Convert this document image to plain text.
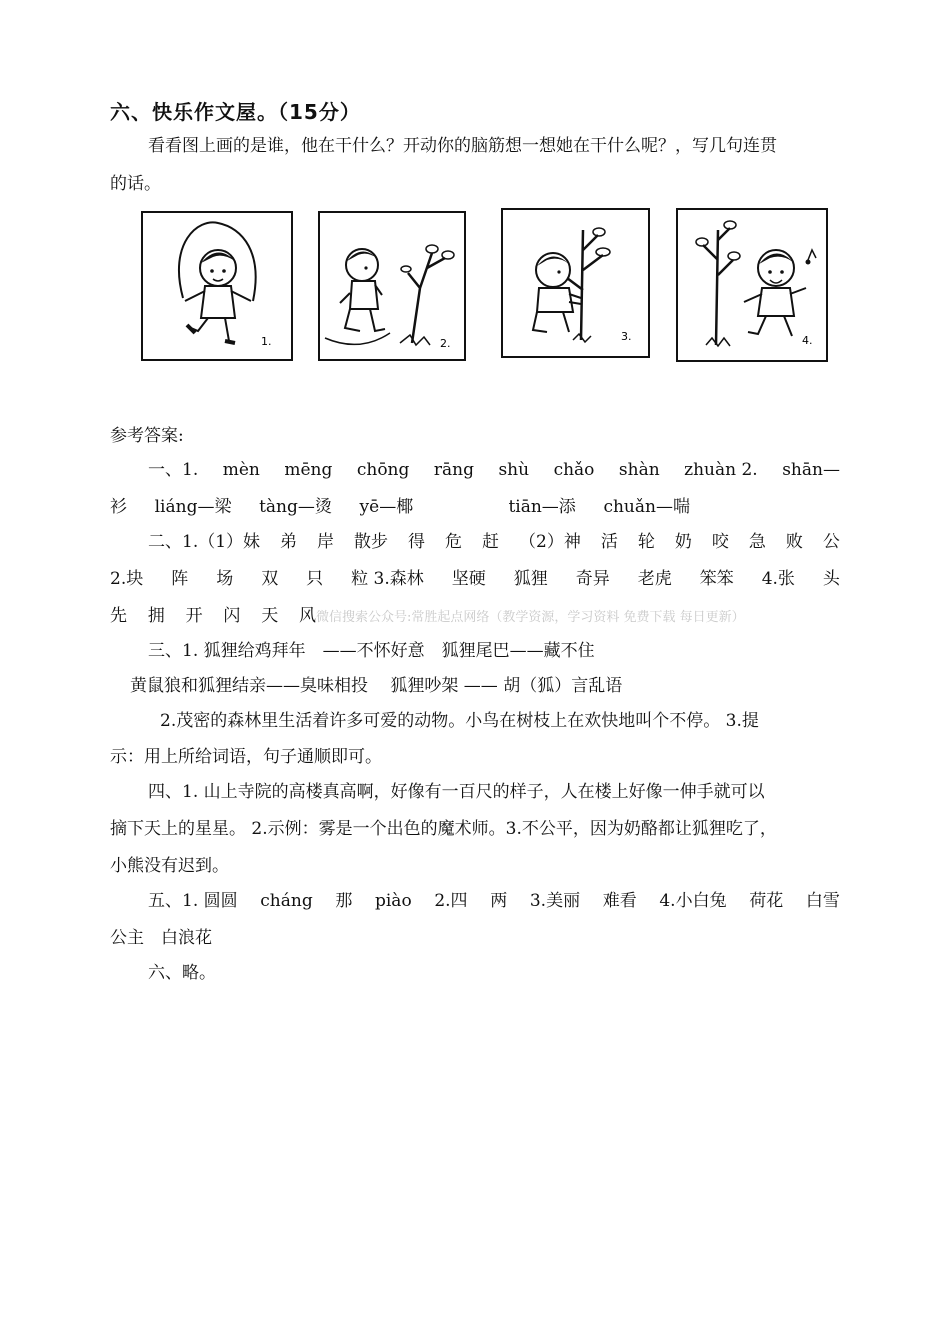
六、快乐作文屋。（15分）
看看图上画的是谁，他在干什么？开动你的脑筋想一想她在干什么呢？，写几句连贯
的话。
1.	2.
3.	4.
参考答案:
一、1. mèn mēng chōng rāng shù chǎo shàn zhuàn 2. shān—
衫 liáng—梁 tàng—烫 yē—椰	tiān—添 chuǎn—喘
二、1.（1）妹 弟 岸 散步 得 危 赶 （2）神 活 轮 奶 咬 急 败 公
2.块 阵 场 双 只 粒 3.森林 坚硬 狐狸 奇异 老虎 笨笨 4.张 头
先 拥 开 闪 天 风 微信搜索公众号:常胜起点网络（教学资源，学习资料 免费下载 每日更新）
三、1. 狐狸给鸡拜年　——不怀好意　狐狸尾巴——藏不住
黄鼠狼和狐狸结亲——臭味相投　 狐狸吵架 —— 胡（狐）言乱语
2.茂密的森林里生活着许多可爱的动物。小鸟在树枝上在欢快地叫个不停。 3.提
示：用上所给词语，句子通顺即可。
四、1. 山上寺院的高楼真高啊，好像有一百尺的样子，人在楼上好像一伸手就可以
摘下天上的星星。 2.示例：雾是一个出色的魔术师。3.不公平，因为奶酪都让狐狸吃了，
小熊没有迟到。
五、1. 圆圆 cháng 那 piào 2.四 两 3.美丽 难看 4.小白兔 荷花 白雪
公主　白浪花
六、略。
